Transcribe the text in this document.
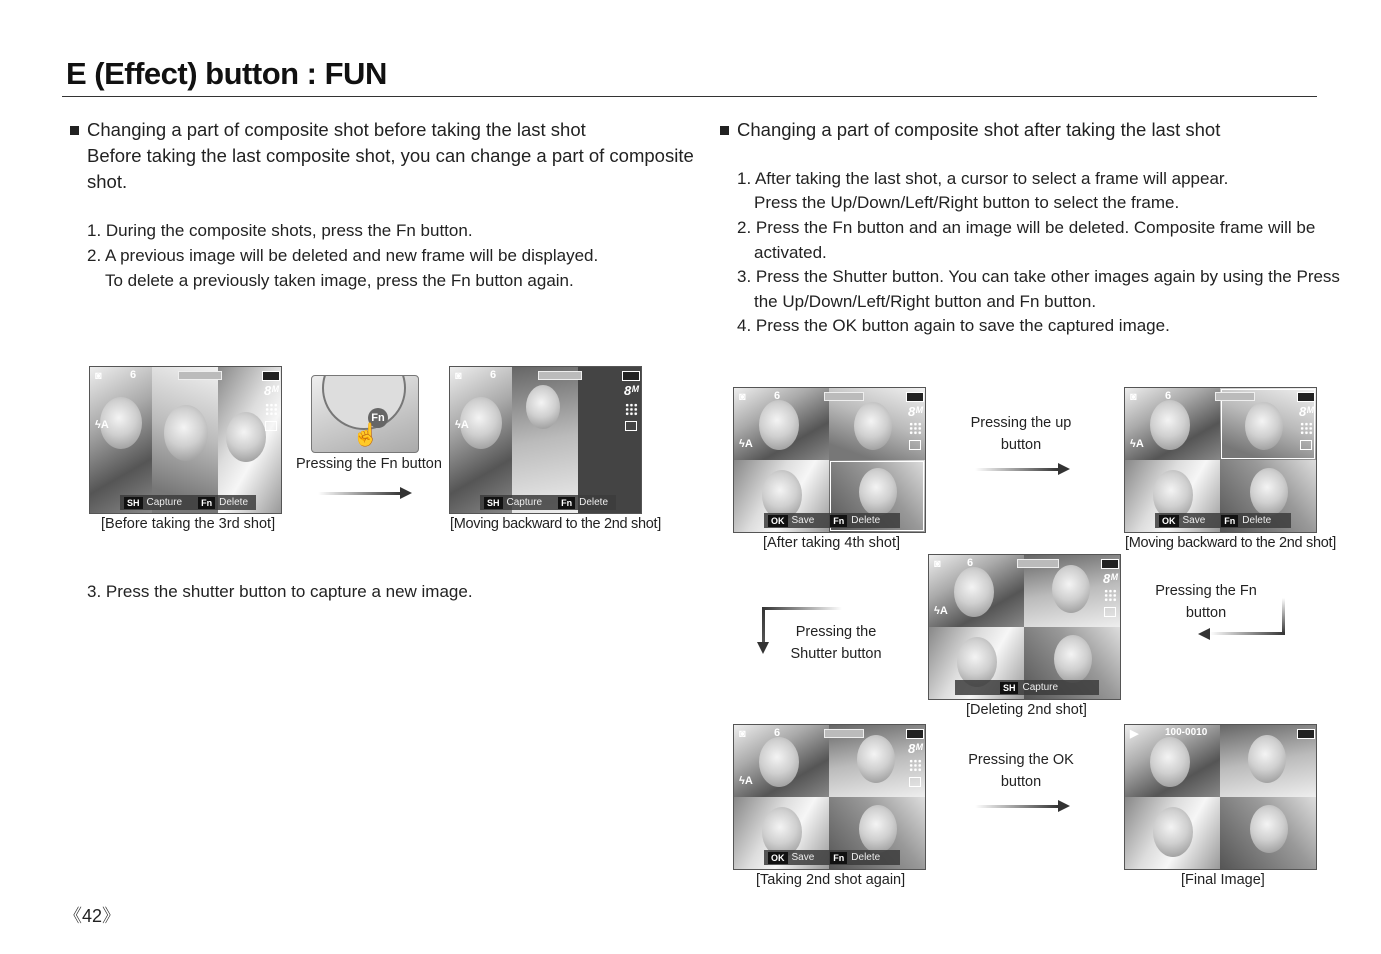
E (Effect) button : FUN
Changing a part of composite shot before taking the last shot
Before taking the last composite shot, you can change a part of composite
shot.
1. During the composite shots, press the Fn button.
2. A previous image will be deleted and new frame will be displayed.
To delete a previously taken image, press the Fn button again.
◙	6
8ᴹ
ϟA
SH Capture	Fn Delete
[Before taking the 3rd shot]
Fn
☝
Pressing the Fn button
◙	6
8ᴹ
ϟA
SH Capture	Fn Delete
[Moving backward to the 2nd shot]
3. Press the shutter button to capture a new image.
Changing a part of composite shot after taking the last shot
1. After taking the last shot, a cursor to select a frame will appear.
Press the Up/Down/Left/Right button to select the frame.
2. Press the Fn button and an image will be deleted. Composite frame will be
activated.
3. Press the Shutter button. You can take other images again by using the Press
the Up/Down/Left/Right button and Fn button.
4. Press the OK button again to save the captured image.
◙	6
8ᴹ
ϟA
OK Save	Fn Delete
[After taking 4th shot]
Pressing the up
button
◙	6
8ᴹ
ϟA
OK Save	Fn Delete
[Moving backward to the 2nd shot]
Pressing the Fn
button
◙ 6
8ᴹ
ϟA
SH Capture
[Deleting 2nd shot]
Pressing the
Shutter button
◙	6
8ᴹ
ϟA
OK Save	Fn Delete
[Taking 2nd shot again]
Pressing the OK
button
▶	100-0010
[Final Image]
《42》
